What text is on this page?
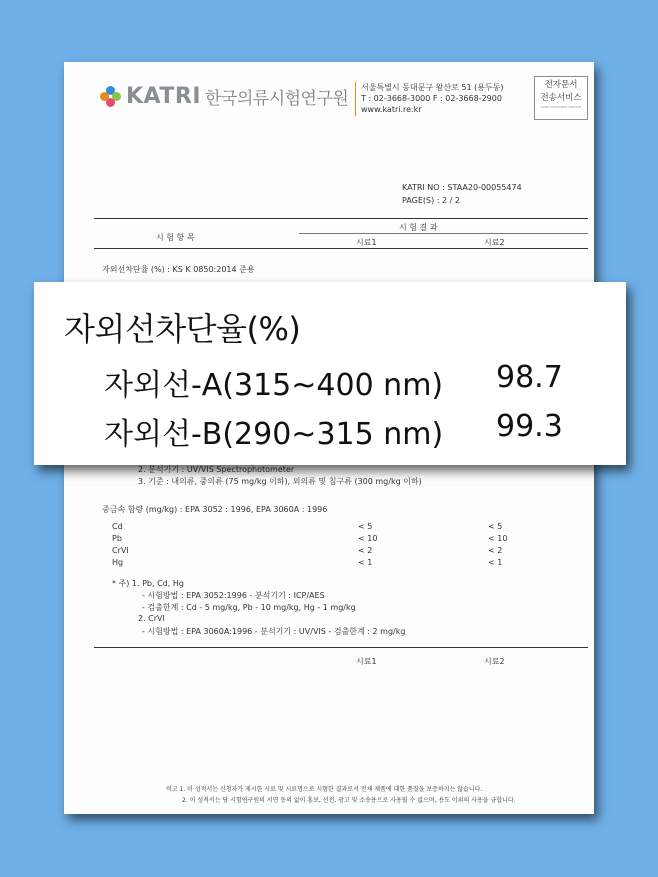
KATRI 한국의류시험연구원
서울특별시 동대문구 왕산로 51 (용두동)
T : 02-3668-3000 F : 02-3668-2900
www.katri.re.kr
전자문서
전송서비스
KATRI DOCUMENT SERVICE
KATRI NO : STAA20-00055474
PAGE(S) : 2 / 2
시 험 항 목
시 험 결 과
시료1	시료2
자외선차단율 (%) : KS K 0850:2014 준용
2. 분석기기 : UV/VIS Spectrophotometer
3. 기준 : 내의류, 중의류 (75 mg/kg 이하), 외의류 및 침구류 (300 mg/kg 이하)
중금속 함량 (mg/kg) : EPA 3052 : 1996, EPA 3060A : 1996
Cd	< 5	< 5
Pb	< 10	< 10
CrVI	< 2	< 2
Hg	< 1	< 1
* 주) 1. Pb, Cd, Hg
- 시험방법 : EPA 3052:1996 - 분석기기 : ICP/AES
- 검출한계 : Cd - 5 mg/kg, Pb - 10 mg/kg, Hg - 1 mg/kg
2. CrVI
- 시험방법 : EPA 3060A:1996 - 분석기기 : UV/VIS - 검출한계 : 2 mg/kg
시료1	시료2
비고 1. 이 성적서는 신청자가 제시한 시료 및 시료명으로 시험한 결과로서 전체 제품에 대한 품질을 보증하지는 않습니다.
2. 이 성적서는 당 시험연구원의 서면 동의 없이 홍보, 선전, 광고 및 소송용으로 사용될 수 없으며, 용도 이외의 사용을 금합니다.
자외선차단율(%)
자외선-A(315~400 nm) 98.7
자외선-B(290~315 nm) 99.3
